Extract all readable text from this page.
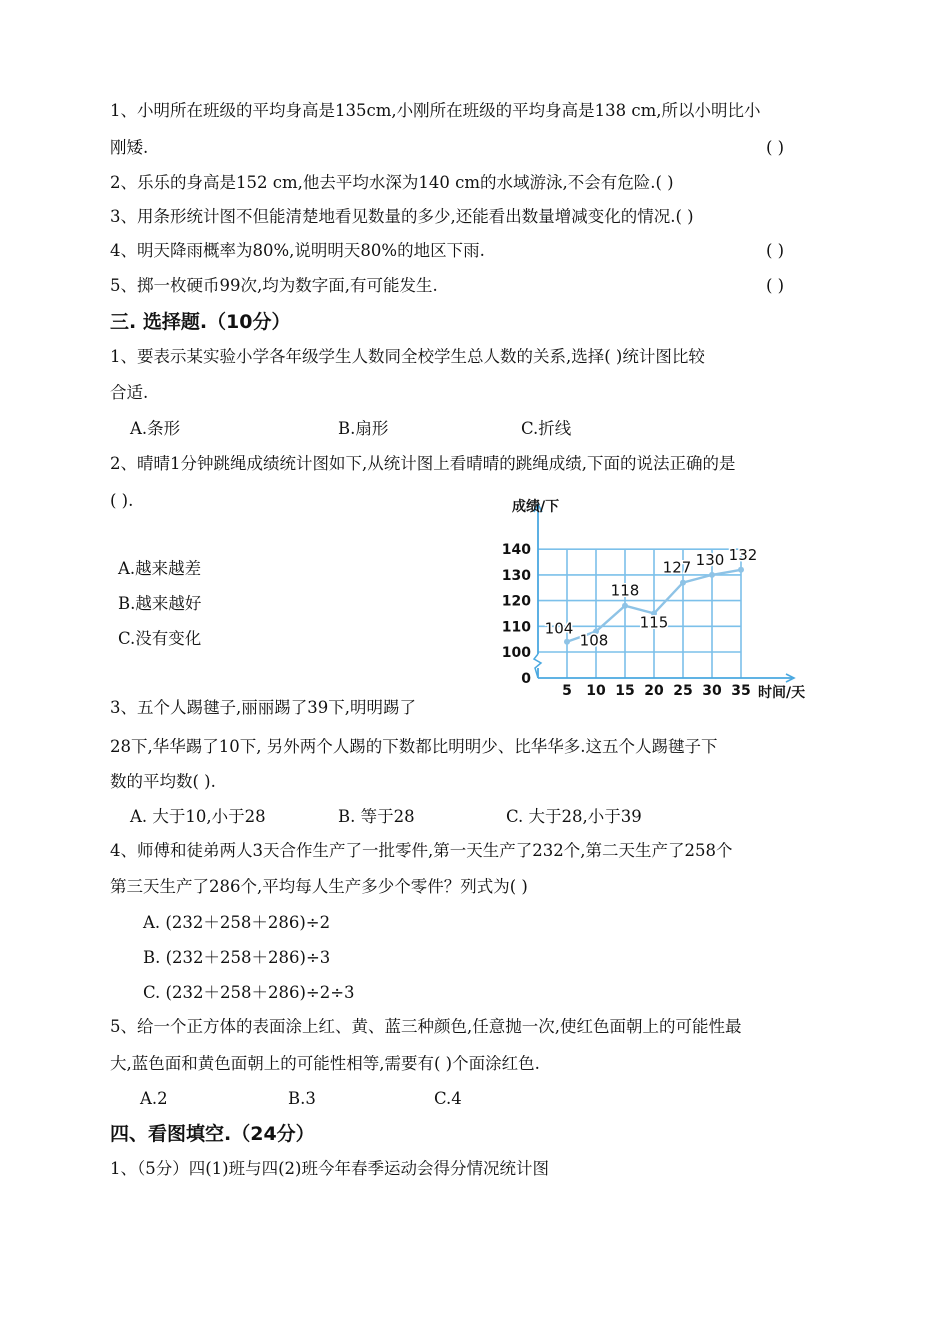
1、小明所在班级的平均身高是135cm,小刚所在班级的平均身高是138 cm,所以小明比小
刚矮.	( )
2、乐乐的身高是152 cm,他去平均水深为140 cm的水域游泳,不会有危险.( )
3、用条形统计图不但能清楚地看见数量的多少,还能看出数量增减变化的情况.( )
4、明天降雨概率为80%,说明明天80%的地区下雨.	( )
5、掷一枚硬币99次,均为数字面,有可能发生.	( )
三. 选择题.（10分）
1、要表示某实验小学各年级学生人数同全校学生总人数的关系,选择( )统计图比较
合适.
A.条形	B.扇形	C.折线
2、晴晴1分钟跳绳成绩统计图如下,从统计图上看晴晴的跳绳成绩,下面的说法正确的是
( ).
A.越来越差
B.越来越好
C.没有变化
成绩/下
时间/天
0
100
110
120
130
140
5 10 15 20 25 30 35
104
108
118
115
127 130 132
3、五个人踢毽子,丽丽踢了39下,明明踢了
28下,华华踢了10下, 另外两个人踢的下数都比明明少、比华华多.这五个人踢毽子下
数的平均数( ).
A. 大于10,小于28	B. 等于28	C. 大于28,小于39
4、师傅和徒弟两人3天合作生产了一批零件,第一天生产了232个,第二天生产了258个
第三天生产了286个,平均每人生产多少个零件？列式为( )
A. (232＋258＋286)÷2
B. (232＋258＋286)÷3
C. (232＋258＋286)÷2÷3
5、给一个正方体的表面涂上红、黄、蓝三种颜色,任意抛一次,使红色面朝上的可能性最
大,蓝色面和黄色面朝上的可能性相等,需要有( )个面涂红色.
A.2	B.3	C.4
四、看图填空.（24分）
1、（5分）四(1)班与四(2)班今年春季运动会得分情况统计图
